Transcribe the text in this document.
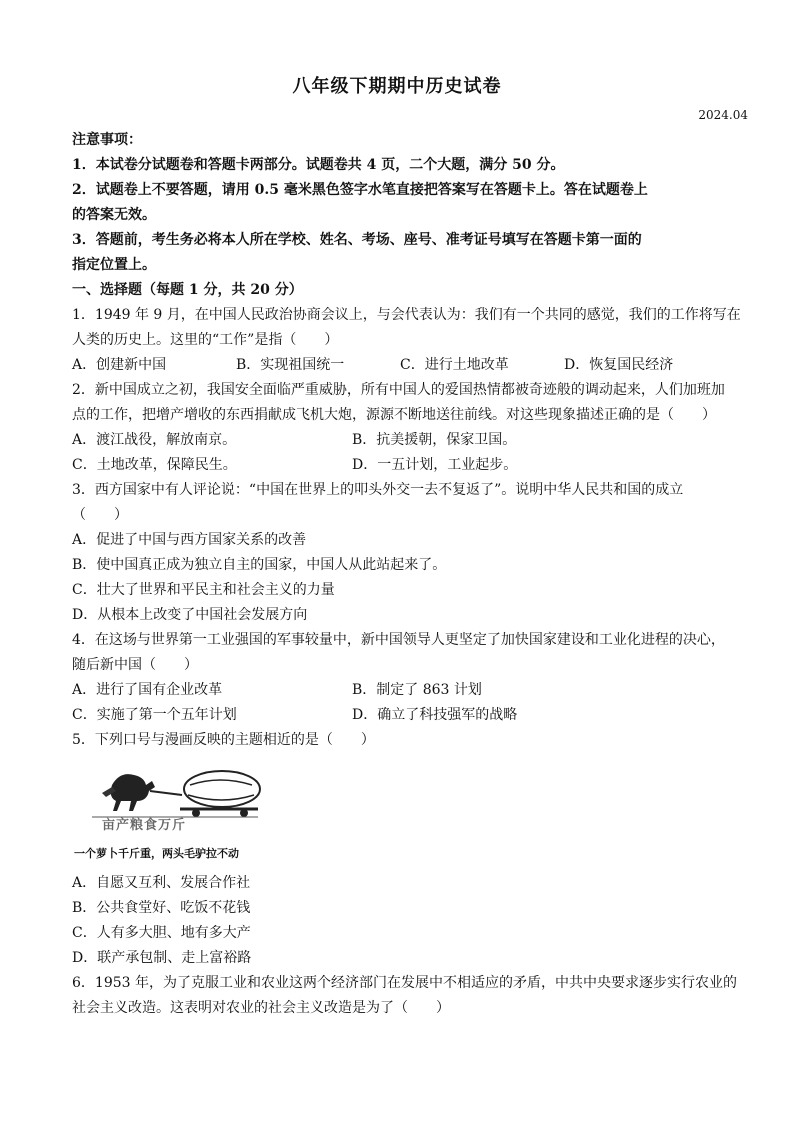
八年级下期期中历史试卷
2024.04
注意事项：
1．本试卷分试题卷和答题卡两部分。试题卷共 4 页，二个大题，满分 50 分。
2．试题卷上不要答题，请用 0.5 毫米黑色签字水笔直接把答案写在答题卡上。答在试题卷上
的答案无效。
3．答题前，考生务必将本人所在学校、姓名、考场、座号、准考证号填写在答题卡第一面的
指定位置上。
一、选择题（每题 1 分，共 20 分）
1．1949 年 9 月，在中国人民政治协商会议上，与会代表认为：我们有一个共同的感觉，我们的工作将写在
人类的历史上。这里的“工作”是指（　　）
A．创建新中国	B．实现祖国统一	C．进行土地改革	D．恢复国民经济
2．新中国成立之初，我国安全面临严重威胁，所有中国人的爱国热情都被奇迹般的调动起来，人们加班加
点的工作，把增产增收的东西捐献成飞机大炮，源源不断地送往前线。对这些现象描述正确的是（　　）
A．渡江战役，解放南京。	B．抗美援朝，保家卫国。
C．土地改革，保障民生。	D．一五计划，工业起步。
3．西方国家中有人评论说：“中国在世界上的叩头外交一去不复返了”。说明中华人民共和国的成立
（　　）
A．促进了中国与西方国家关系的改善
B．使中国真正成为独立自主的国家，中国人从此站起来了。
C．壮大了世界和平民主和社会主义的力量
D．从根本上改变了中国社会发展方向
4．在这场与世界第一工业强国的军事较量中，新中国领导人更坚定了加快国家建设和工业化进程的决心，
随后新中国（　　）
A．进行了国有企业改革	B．制定了 863 计划
C．实施了第一个五年计划	D．确立了科技强军的战略
5．下列口号与漫画反映的主题相近的是（　　）
亩产粮食万斤
一个萝卜千斤重，两头毛驴拉不动
A．自愿又互利、发展合作社
B．公共食堂好、吃饭不花钱
C．人有多大胆、地有多大产
D．联产承包制、走上富裕路
6．1953 年，为了克服工业和农业这两个经济部门在发展中不相适应的矛盾，中共中央要求逐步实行农业的
社会主义改造。这表明对农业的社会主义改造是为了（　　）
